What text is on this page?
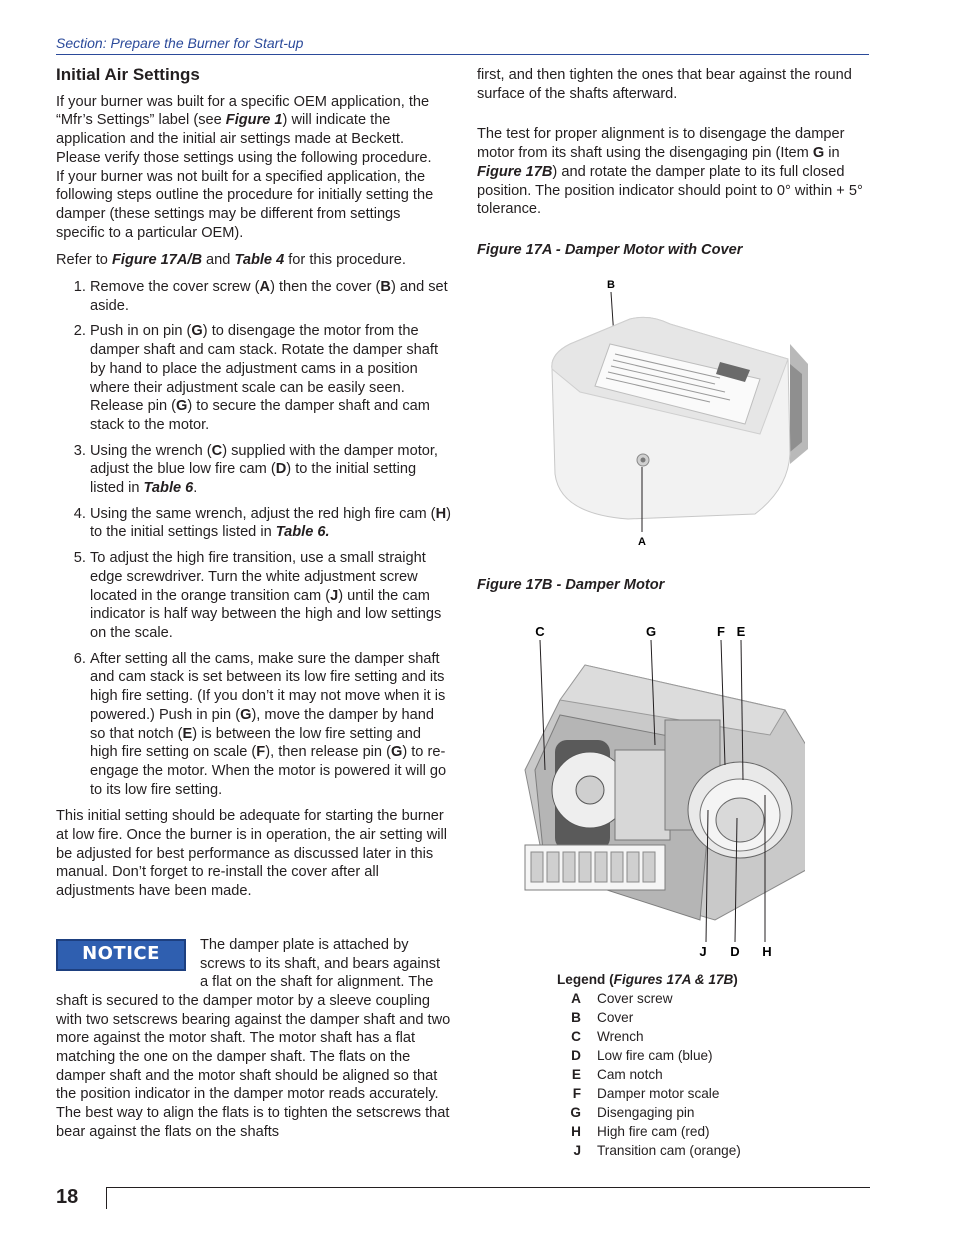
Section: Prepare the Burner for Start-up
Initial Air Settings

If your burner was built for a specific OEM application, the “Mfr’s Settings” label (see Figure 1) will indicate the application and the initial air settings made at Beckett. Please verify those settings using the following procedure.

If your burner was not built for a specified application, the following steps outline the procedure for initially setting the damper (these settings may be different from settings specific to a particular OEM).

Refer to Figure 17A/B and Table 4 for this procedure.

1. Remove the cover screw (A) then the cover (B) and set aside.
2. Push in on pin (G) to disengage the motor from the damper shaft and cam stack. Rotate the damper shaft by hand to place the adjustment cams in a position where their adjustment scale can be easily seen. Release pin (G) to secure the damper shaft and cam stack to the motor.
3. Using the wrench (C) supplied with the damper motor, adjust the blue low fire cam (D) to the initial setting listed in Table 6.
4. Using the same wrench, adjust the red high fire cam (H) to the initial settings listed in Table 6.
5. To adjust the high fire transition, use a small straight edge screwdriver. Turn the white adjustment screw located in the orange transition cam (J) until the cam indicator is half way between the high and low settings on the scale.
6. After setting all the cams, make sure the damper shaft and cam stack is set between its low fire setting and its high fire setting. (If you don’t it may not move when it is powered.) Push in pin (G), move the damper by hand so that notch (E) is between the low fire setting and high fire setting on scale (F), then release pin (G) to re-engage the motor. When the motor is powered it will go to its low fire setting.

This initial setting should be adequate for starting the burner at low fire. Once the burner is in operation, the air setting will be adjusted for best performance as discussed later in this manual. Don’t forget to re-install the cover after all adjustments have been made.

NOTICE	The damper plate is attached by screws to its shaft, and bears against a flat on the shaft for alignment. The shaft is secured to the damper motor by a sleeve coupling with two setscrews bearing against the damper shaft and two more against the motor shaft. The motor shaft has a flat matching the one on the damper shaft. The flats on the damper shaft and the motor shaft should be aligned so that the position indicator in the damper motor reads accurately. The best way to align the flats is to tighten the setscrews that bear against the flats on the shafts

first, and then tighten the ones that bear against the round surface of the shafts afterward.

The test for proper alignment is to disengage the damper motor from its shaft using the disengaging pin (Item G in Figure 17B) and rotate the damper plate to its full closed position. The position indicator should point to 0° within + 5° tolerance.

Figure 17A - Damper Motor with Cover

B
A

Figure 17B - Damper Motor

C	G	F E
J D H
Legend (Figures 17A & 17B)
A Cover screw
B Cover
C Wrench
D Low fire cam (blue)
E Cam notch
F Damper motor scale
G Disengaging pin
H High fire cam (red)
J Transition cam (orange)
18
